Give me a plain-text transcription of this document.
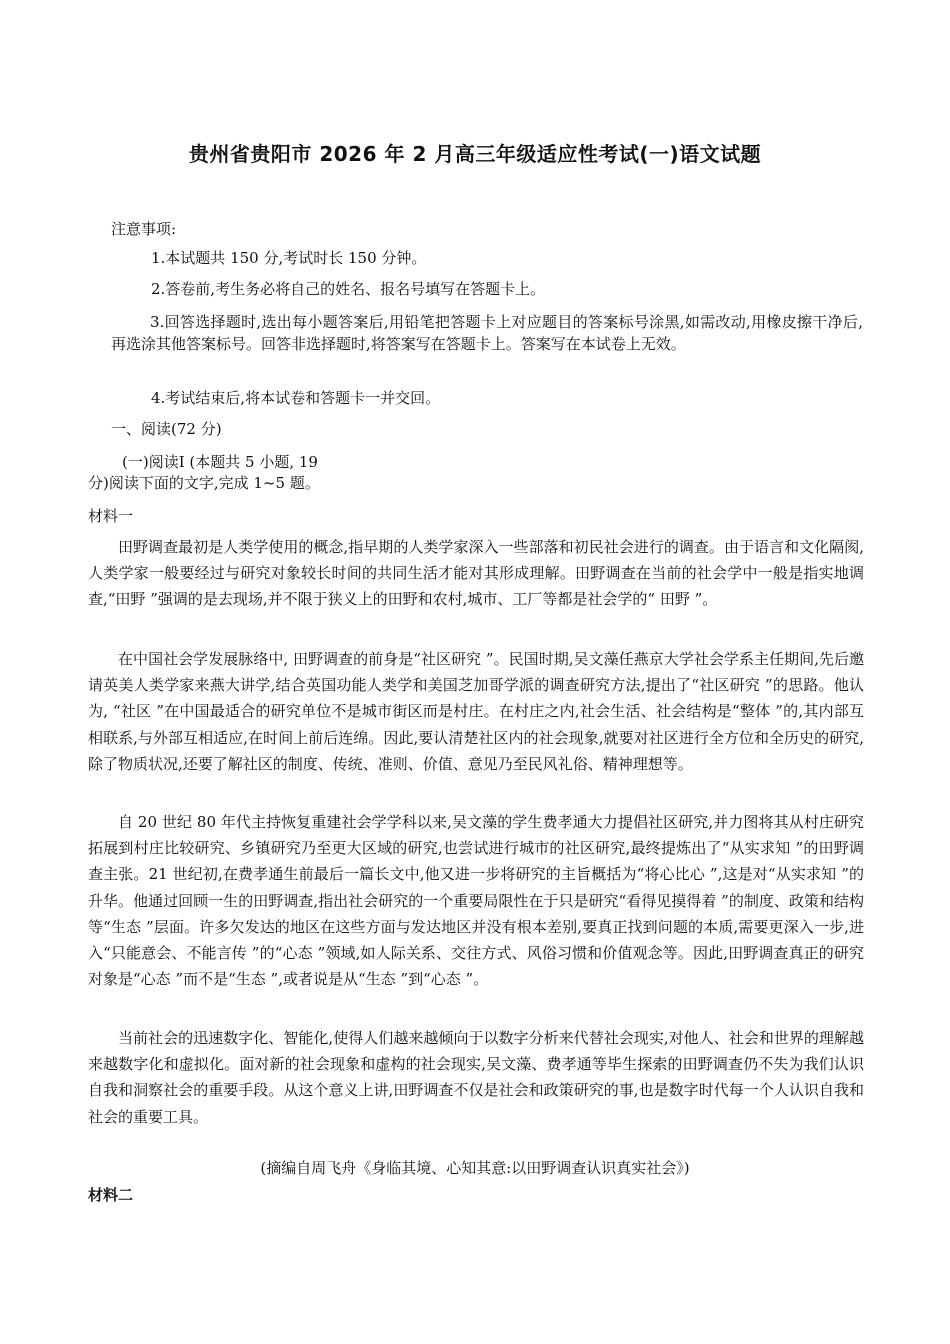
贵州省贵阳市 2026 年 2 月高三年级适应性考试(一)语文试题
注意事项:
1.本试题共 150 分,考试时长 150 分钟。
2.答卷前,考生务必将自己的姓名、报名号填写在答题卡上。
3.回答选择题时,选出每小题答案后,用铅笔把答题卡上对应题目的答案标号涂黑,如需改动,用橡皮擦干净后,再选涂其他答案标号。回答非选择题时,将答案写在答题卡上。答案写在本试卷上无效。
4.考试结束后,将本试卷和答题卡一并交回。
一、阅读(72 分)
(一)阅读Ⅰ (本题共 5 小题, 19
分)阅读下面的文字,完成 1~5 题。
材料一
田野调查最初是人类学使用的概念,指早期的人类学家深入一些部落和初民社会进行的调查。由于语言和文化隔阂,人类学家一般要经过与研究对象较长时间的共同生活才能对其形成理解。田野调查在当前的社会学中一般是指实地调查,“田野 ”强调的是去现场,并不限于狭义上的田野和农村,城市、工厂等都是社会学的“ 田野 ”。
在中国社会学发展脉络中, 田野调查的前身是“社区研究 ”。民国时期,吴文藻任燕京大学社会学系主任期间,先后邀请英美人类学家来燕大讲学,结合英国功能人类学和美国芝加哥学派的调查研究方法,提出了“社区研究 ”的思路。他认为, “社区 ”在中国最适合的研究单位不是城市街区而是村庄。在村庄之内,社会生活、社会结构是“整体 ”的,其内部互相联系,与外部互相适应,在时间上前后连绵。因此,要认清楚社区内的社会现象,就要对社区进行全方位和全历史的研究,除了物质状况,还要了解社区的制度、传统、准则、价值、意见乃至民风礼俗、精神理想等。
自 20 世纪 80 年代主持恢复重建社会学学科以来,吴文藻的学生费孝通大力提倡社区研究,并力图将其从村庄研究拓展到村庄比较研究、乡镇研究乃至更大区域的研究,也尝试进行城市的社区研究,最终提炼出了“从实求知 ”的田野调查主张。21 世纪初,在费孝通生前最后一篇长文中,他又进一步将研究的主旨概括为“将心比心 ”,这是对“从实求知 ”的升华。他通过回顾一生的田野调查,指出社会研究的一个重要局限性在于只是研究“看得见摸得着 ”的制度、政策和结构等“生态 ”层面。许多欠发达的地区在这些方面与发达地区并没有根本差别,要真正找到问题的本质,需要更深入一步,进入“只能意会、不能言传 ”的“心态 ”领域,如人际关系、交往方式、风俗习惯和价值观念等。因此,田野调查真正的研究对象是“心态 ”而不是“生态 ”,或者说是从“生态 ”到“心态 ”。
当前社会的迅速数字化、智能化,使得人们越来越倾向于以数字分析来代替社会现实,对他人、社会和世界的理解越来越数字化和虚拟化。面对新的社会现象和虚构的社会现实,吴文藻、费孝通等毕生探索的田野调查仍不失为我们认识自我和洞察社会的重要手段。从这个意义上讲,田野调查不仅是社会和政策研究的事,也是数字时代每一个人认识自我和社会的重要工具。
(摘编自周飞舟《身临其境、心知其意:以田野调查认识真实社会》)
材料二
